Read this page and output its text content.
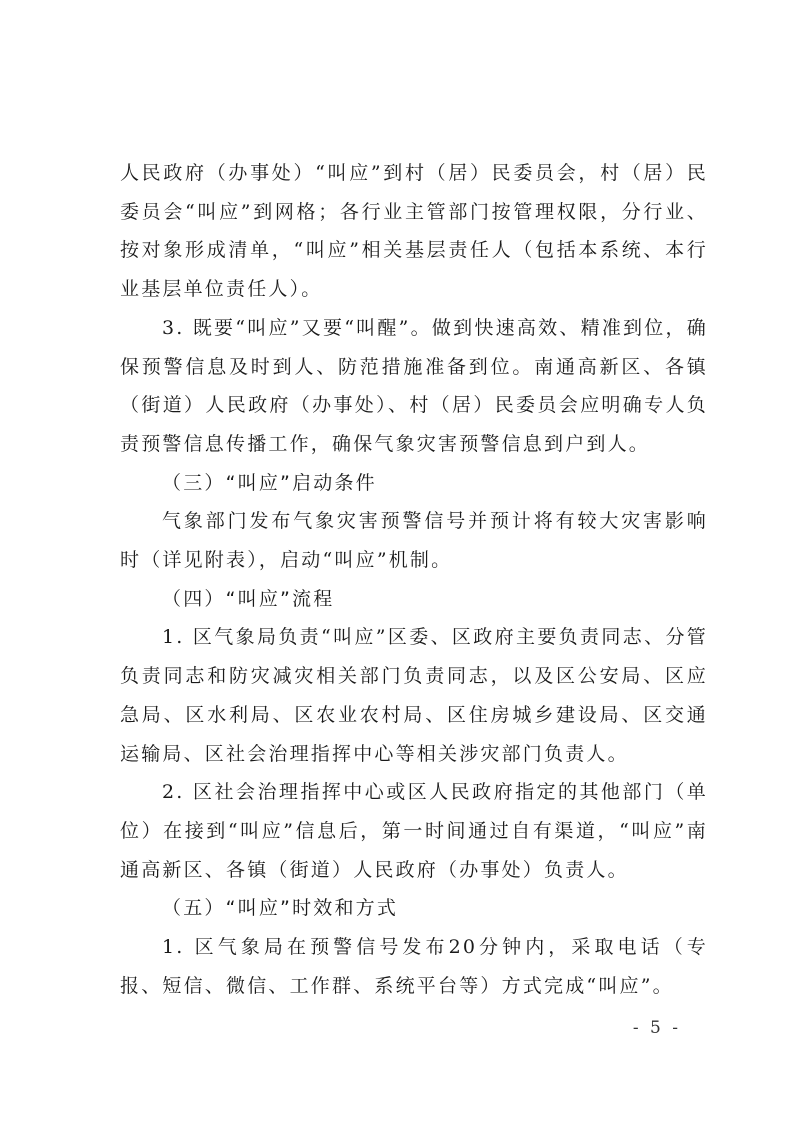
人民政府（办事处）“叫应”到村（居）民委员会，村（居）民委员会“叫应”到网格；各行业主管部门按管理权限，分行业、按对象形成清单，“叫应”相关基层责任人（包括本系统、本行业基层单位责任人）。

3. 既要“叫应”又要“叫醒”。做到快速高效、精准到位，确保预警信息及时到人、防范措施准备到位。南通高新区、各镇（街道）人民政府（办事处）、村（居）民委员会应明确专人负责预警信息传播工作，确保气象灾害预警信息到户到人。

（三）“叫应”启动条件

气象部门发布气象灾害预警信号并预计将有较大灾害影响时（详见附表），启动“叫应”机制。

（四）“叫应”流程

1. 区气象局负责“叫应”区委、区政府主要负责同志、分管负责同志和防灾减灾相关部门负责同志，以及区公安局、区应急局、区水利局、区农业农村局、区住房城乡建设局、区交通运输局、区社会治理指挥中心等相关涉灾部门负责人。

2. 区社会治理指挥中心或区人民政府指定的其他部门（单位）在接到“叫应”信息后，第一时间通过自有渠道，“叫应”南通高新区、各镇（街道）人民政府（办事处）负责人。

（五）“叫应”时效和方式

1. 区气象局在预警信号发布20分钟内，采取电话（专报、短信、微信、工作群、系统平台等）方式完成“叫应”。

- 5 -
